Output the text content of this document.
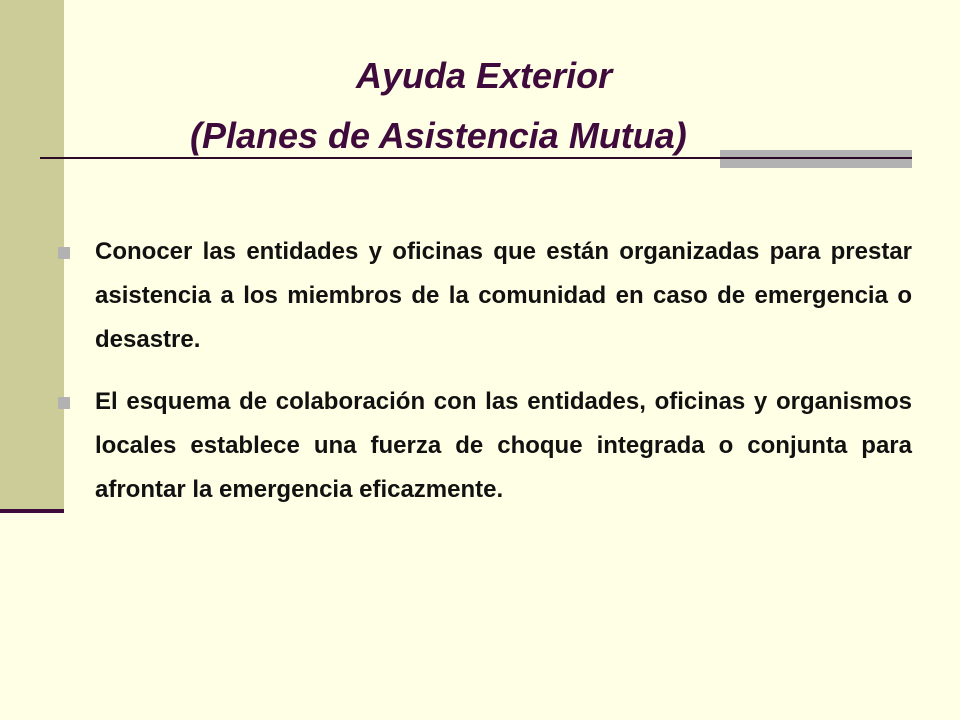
Ayuda Exterior
(Planes de Asistencia Mutua)
Conocer las entidades y oficinas que están organizadas para prestar asistencia a los miembros de la comunidad en caso de emergencia o desastre.
El esquema de colaboración con las entidades, oficinas y organismos locales establece una fuerza de choque integrada o conjunta para afrontar la emergencia eficazmente.
